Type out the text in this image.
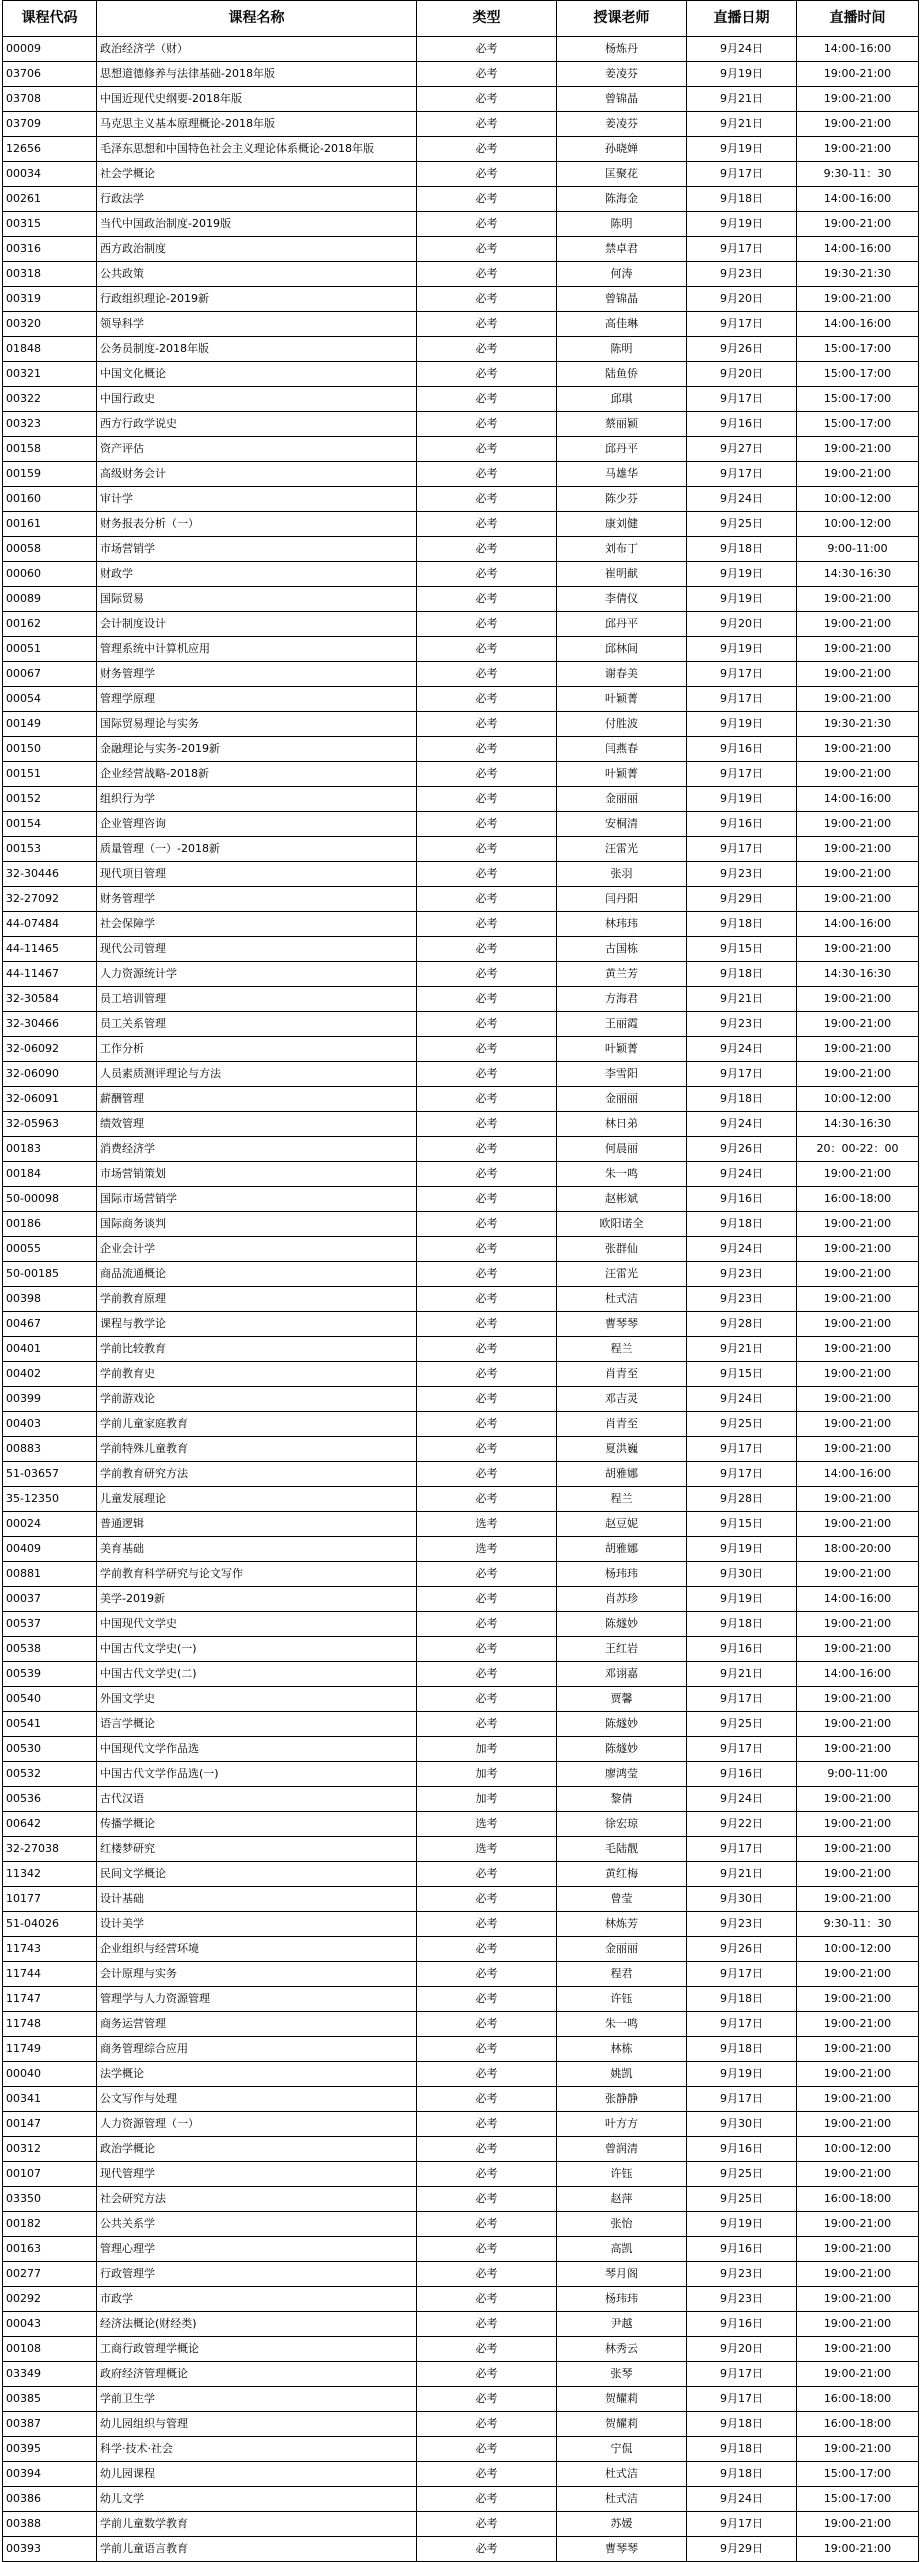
课程代码	课程名称	类型	授课老师	直播日期	直播时间
00009	政治经济学（财）	必考	杨炼丹	9月24日	14:00-16:00
03706	思想道德修养与法律基础-2018年版	必考	姜凌芬	9月19日	19:00-21:00
03708	中国近现代史纲要-2018年版	必考	曾锦晶	9月21日	19:00-21:00
03709	马克思主义基本原理概论-2018年版	必考	姜凌芬	9月21日	19:00-21:00
12656	毛泽东思想和中国特色社会主义理论体系概论-2018年版	必考	孙晓婵	9月19日	19:00-21:00
00034	社会学概论	必考	匡聚花	9月17日	9:30-11：30
00261	行政法学	必考	陈海金	9月18日	14:00-16:00
00315	当代中国政治制度-2019版	必考	陈明	9月19日	19:00-21:00
00316	西方政治制度	必考	禁卓君	9月17日	14:00-16:00
00318	公共政策	必考	何涛	9月23日	19:30-21:30
00319	行政组织理论-2019新	必考	曾锦晶	9月20日	19:00-21:00
00320	领导科学	必考	高佳琳	9月17日	14:00-16:00
01848	公务员制度-2018年版	必考	陈明	9月26日	15:00-17:00
00321	中国文化概论	必考	陆鱼侨	9月20日	15:00-17:00
00322	中国行政史	必考	邱琪	9月17日	15:00-17:00
00323	西方行政学说史	必考	蔡丽颖	9月16日	15:00-17:00
00158	资产评估	必考	邱丹平	9月27日	19:00-21:00
00159	高级财务会计	必考	马雄华	9月17日	19:00-21:00
00160	审计学	必考	陈少芬	9月24日	10:00-12:00
00161	财务报表分析（一）	必考	康刘健	9月25日	10:00-12:00
00058	市场营销学	必考	刘布丁	9月18日	9:00-11:00
00060	财政学	必考	崔明献	9月19日	14:30-16:30
00089	国际贸易	必考	李倩仪	9月19日	19:00-21:00
00162	会计制度设计	必考	邱丹平	9月20日	19:00-21:00
00051	管理系统中计算机应用	必考	邱林间	9月19日	19:00-21:00
00067	财务管理学	必考	谢春美	9月17日	19:00-21:00
00054	管理学原理	必考	叶颖菁	9月17日	19:00-21:00
00149	国际贸易理论与实务	必考	付胜波	9月19日	19:30-21:30
00150	金融理论与实务-2019新	必考	闫燕春	9月16日	19:00-21:00
00151	企业经营战略-2018新	必考	叶颖菁	9月17日	19:00-21:00
00152	组织行为学	必考	金丽丽	9月19日	14:00-16:00
00154	企业管理咨询	必考	安桐清	9月16日	19:00-21:00
00153	质量管理（一）-2018新	必考	汪雷光	9月17日	19:00-21:00
32-30446	现代项目管理	必考	张羽	9月23日	19:00-21:00
32-27092	财务管理学	必考	闫丹阳	9月29日	19:00-21:00
44-07484	社会保障学	必考	林玮玮	9月18日	14:00-16:00
44-11465	现代公司管理	必考	古国栋	9月15日	19:00-21:00
44-11467	人力资源统计学	必考	黄兰芳	9月18日	14:30-16:30
32-30584	员工培训管理	必考	方海君	9月21日	19:00-21:00
32-30466	员工关系管理	必考	王丽霞	9月23日	19:00-21:00
32-06092	工作分析	必考	叶颖菁	9月24日	19:00-21:00
32-06090	人员素质测评理论与方法	必考	李雪阳	9月17日	19:00-21:00
32-06091	薪酬管理	必考	金丽丽	9月18日	10:00-12:00
32-05963	绩效管理	必考	林日弟	9月24日	14:30-16:30
00183	消费经济学	必考	何晨丽	9月26日	20：00-22：00
00184	市场营销策划	必考	朱一鸣	9月24日	19:00-21:00
50-00098	国际市场营销学	必考	赵彬斌	9月16日	16:00-18:00
00186	国际商务谈判	必考	欧阳诺全	9月18日	19:00-21:00
00055	企业会计学	必考	张群仙	9月24日	19:00-21:00
50-00185	商品流通概论	必考	汪雷光	9月23日	19:00-21:00
00398	学前教育原理	必考	杜式洁	9月23日	19:00-21:00
00467	课程与教学论	必考	曹琴琴	9月28日	19:00-21:00
00401	学前比较教育	必考	程兰	9月21日	19:00-21:00
00402	学前教育史	必考	肖青至	9月15日	19:00-21:00
00399	学前游戏论	必考	邓吉灵	9月24日	19:00-21:00
00403	学前儿童家庭教育	必考	肖青至	9月25日	19:00-21:00
00883	学前特殊儿童教育	必考	夏洪巍	9月17日	19:00-21:00
51-03657	学前教育研究方法	必考	胡雅娜	9月17日	14:00-16:00
35-12350	儿童发展理论	必考	程兰	9月28日	19:00-21:00
00024	普通逻辑	选考	赵豆妮	9月15日	19:00-21:00
00409	美育基础	选考	胡雅娜	9月19日	18:00-20:00
00881	学前教育科学研究与论文写作	必考	杨玮玮	9月30日	19:00-21:00
00037	美学-2019新	必考	肖苏珍	9月19日	14:00-16:00
00537	中国现代文学史	必考	陈燧妙	9月18日	19:00-21:00
00538	中国古代文学史(一)	必考	王红岩	9月16日	19:00-21:00
00539	中国古代文学史(二)	必考	邓诩嘉	9月21日	14:00-16:00
00540	外国文学史	必考	贾馨	9月17日	19:00-21:00
00541	语言学概论	必考	陈燧妙	9月25日	19:00-21:00
00530	中国现代文学作品选	加考	陈燧妙	9月17日	19:00-21:00
00532	中国古代文学作品选(一)	加考	廖鸿莹	9月16日	9:00-11:00
00536	古代汉语	加考	黎倩	9月24日	19:00-21:00
00642	传播学概论	选考	徐宏琼	9月22日	19:00-21:00
32-27038	红楼梦研究	选考	毛陆靓	9月17日	19:00-21:00
11342	民间文学概论	必考	黄红梅	9月21日	19:00-21:00
10177	设计基础	必考	曾莹	9月30日	19:00-21:00
51-04026	设计美学	必考	林炼芳	9月23日	9:30-11：30
11743	企业组织与经营环境	必考	金丽丽	9月26日	10:00-12:00
11744	会计原理与实务	必考	程君	9月17日	19:00-21:00
11747	管理学与人力资源管理	必考	许钰	9月18日	19:00-21:00
11748	商务运营管理	必考	朱一鸣	9月17日	19:00-21:00
11749	商务管理综合应用	必考	林栋	9月18日	19:00-21:00
00040	法学概论	必考	姚凯	9月19日	19:00-21:00
00341	公文写作与处理	必考	张静静	9月17日	19:00-21:00
00147	人力资源管理（一）	必考	叶方方	9月30日	19:00-21:00
00312	政治学概论	必考	曾润清	9月16日	10:00-12:00
00107	现代管理学	必考	许钰	9月25日	19:00-21:00
03350	社会研究方法	必考	赵萍	9月25日	16:00-18:00
00182	公共关系学	必考	张怡	9月19日	19:00-21:00
00163	管理心理学	必考	高凯	9月16日	19:00-21:00
00277	行政管理学	必考	琴月阁	9月23日	19:00-21:00
00292	市政学	必考	杨玮玮	9月23日	19:00-21:00
00043	经济法概论(财经类)	必考	尹越	9月16日	19:00-21:00
00108	工商行政管理学概论	必考	林秀云	9月20日	19:00-21:00
03349	政府经济管理概论	必考	张琴	9月17日	19:00-21:00
00385	学前卫生学	必考	贺耀莉	9月17日	16:00-18:00
00387	幼儿园组织与管理	必考	贺耀莉	9月18日	16:00-18:00
00395	科学·技术·社会	必考	宁侃	9月18日	19:00-21:00
00394	幼儿园课程	必考	杜式洁	9月18日	15:00-17:00
00386	幼儿文学	必考	杜式洁	9月24日	15:00-17:00
00388	学前儿童数学教育	必考	苏媛	9月17日	19:00-21:00
00393	学前儿童语言教育	必考	曹琴琴	9月29日	19:00-21:00
